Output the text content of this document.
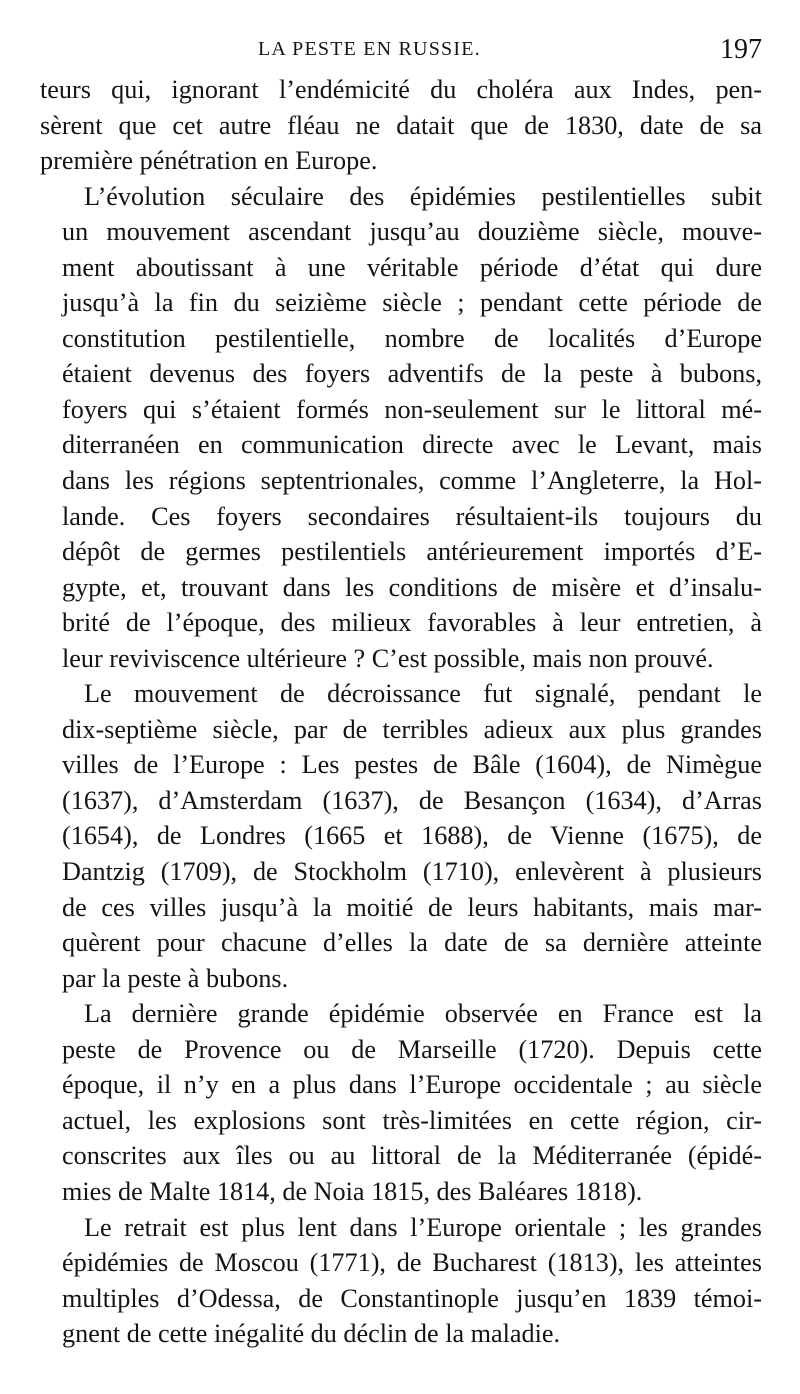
LA PESTE EN RUSSIE.	197

teurs qui, ignorant l’endémicité du choléra aux Indes, pen-
sèrent que cet autre fléau ne datait que de 1830, date de sa
première pénétration en Europe.

L’évolution séculaire des épidémies pestilentielles subit
un mouvement ascendant jusqu’au douzième siècle, mouve-
ment aboutissant à une véritable période d’état qui dure
jusqu’à la fin du seizième siècle ; pendant cette période de
constitution pestilentielle, nombre de localités d’Europe
étaient devenus des foyers adventifs de la peste à bubons,
foyers qui s’étaient formés non-seulement sur le littoral mé-
diterranéen en communication directe avec le Levant, mais
dans les régions septentrionales, comme l’Angleterre, la Hol-
lande. Ces foyers secondaires résultaient-ils toujours du
dépôt de germes pestilentiels antérieurement importés d’E-
gypte, et, trouvant dans les conditions de misère et d’insalu-
brité de l’époque, des milieux favorables à leur entretien, à
leur reviviscence ultérieure ? C’est possible, mais non prouvé.

Le mouvement de décroissance fut signalé, pendant le
dix-septième siècle, par de terribles adieux aux plus grandes
villes de l’Europe : Les pestes de Bâle (1604), de Nimègue
(1637), d’Amsterdam (1637), de Besançon (1634), d’Arras
(1654), de Londres (1665 et 1688), de Vienne (1675), de
Dantzig (1709), de Stockholm (1710), enlevèrent à plusieurs
de ces villes jusqu’à la moitié de leurs habitants, mais mar-
quèrent pour chacune d’elles la date de sa dernière atteinte
par la peste à bubons.

La dernière grande épidémie observée en France est la
peste de Provence ou de Marseille (1720). Depuis cette
époque, il n’y en a plus dans l’Europe occidentale ; au siècle
actuel, les explosions sont très-limitées en cette région, cir-
conscrites aux îles ou au littoral de la Méditerranée (épidé-
mies de Malte 1814, de Noia 1815, des Baléares 1818).

Le retrait est plus lent dans l’Europe orientale ; les grandes
épidémies de Moscou (1771), de Bucharest (1813), les atteintes
multiples d’Odessa, de Constantinople jusqu’en 1839 témoi-
gnent de cette inégalité du déclin de la maladie.
